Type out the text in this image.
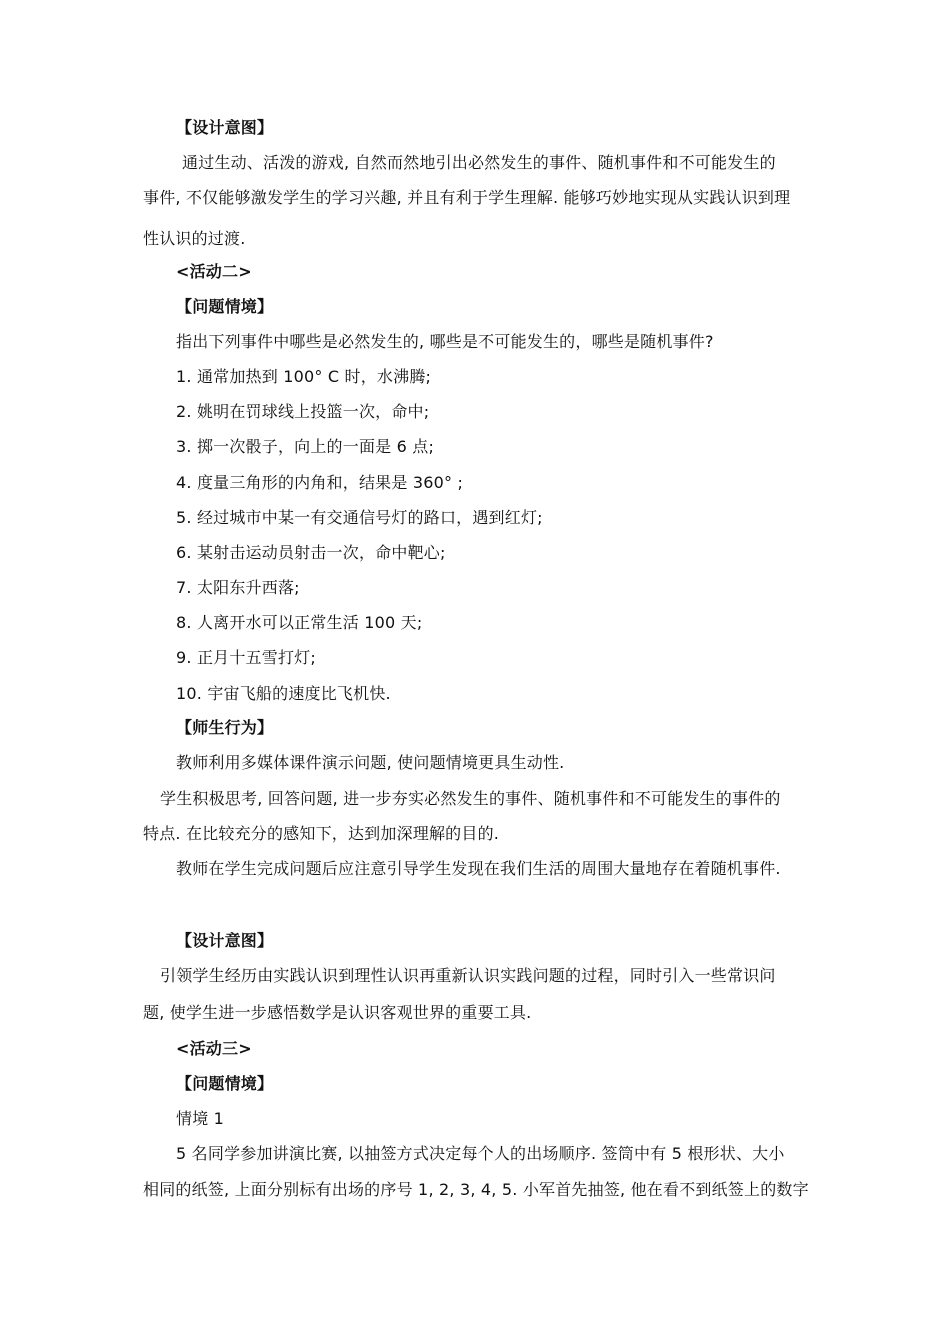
【设计意图】
通过生动、活泼的游戏, 自然而然地引出必然发生的事件、随机事件和不可能发生的
事件, 不仅能够激发学生的学习兴趣, 并且有利于学生理解. 能够巧妙地实现从实践认识到理
性认识的过渡.
<活动二>
【问题情境】
指出下列事件中哪些是必然发生的, 哪些是不可能发生的，哪些是随机事件?
1. 通常加热到 100° C 时，水沸腾;
2. 姚明在罚球线上投篮一次，命中;
3. 掷一次骰子，向上的一面是 6 点;
4. 度量三角形的内角和，结果是 360° ;
5. 经过城市中某一有交通信号灯的路口，遇到红灯;
6. 某射击运动员射击一次，命中靶心;
7. 太阳东升西落;
8. 人离开水可以正常生活 100 天;
9. 正月十五雪打灯;
10. 宇宙飞船的速度比飞机快.
【师生行为】
教师利用多媒体课件演示问题, 使问题情境更具生动性.
学生积极思考, 回答问题, 进一步夯实必然发生的事件、随机事件和不可能发生的事件的
特点. 在比较充分的感知下，达到加深理解的目的.
教师在学生完成问题后应注意引导学生发现在我们生活的周围大量地存在着随机事件.
【设计意图】
引领学生经历由实践认识到理性认识再重新认识实践问题的过程，同时引入一些常识问
题, 使学生进一步感悟数学是认识客观世界的重要工具.
<活动三>
【问题情境】
情境 1
5 名同学参加讲演比赛, 以抽签方式决定每个人的出场顺序. 签筒中有 5 根形状、大小
相同的纸签, 上面分别标有出场的序号 1, 2, 3, 4, 5. 小军首先抽签, 他在看不到纸签上的数字
